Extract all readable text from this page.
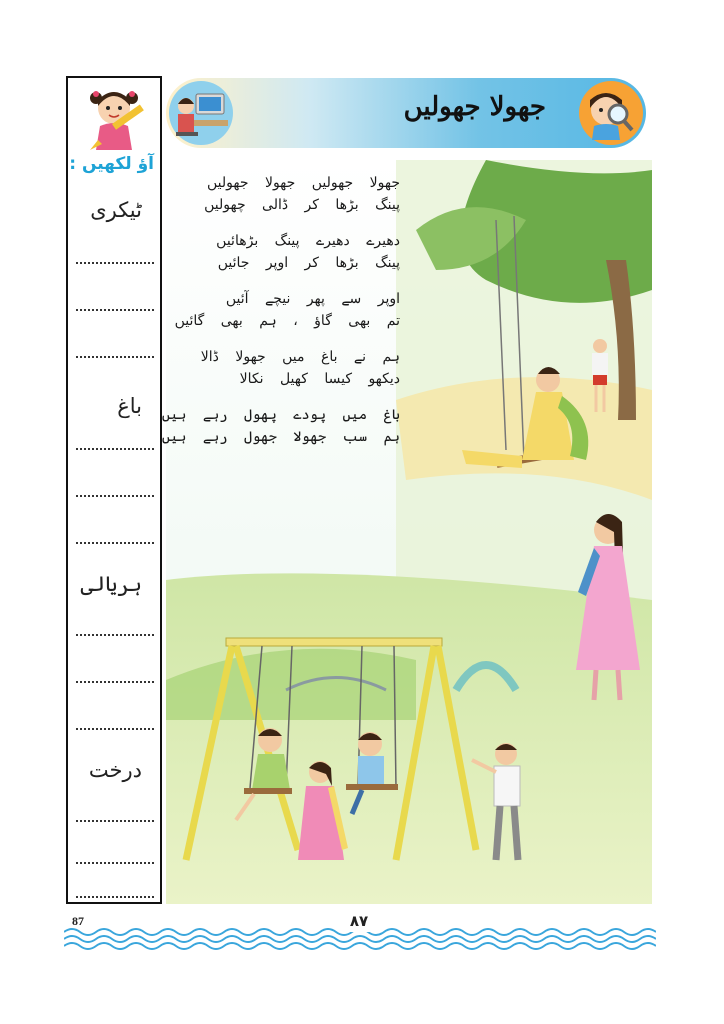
آؤ لکھیں :
ٹیکری
باغ
ہریالی
درخت
جھولا جھولیں
جھولا جھولیں جھولا جھولیں
پینگ بڑھا کر ڈالی چھولیں
دھیرے دھیرے پینگ بڑھائیں
پینگ بڑھا کر اوپر جائیں
اوپر سے پھر نیچے آئیں
تم بھی گاؤ ، ہم بھی گائیں
ہم نے باغ میں جھولا ڈالا
دیکھو کیسا کھیل نکالا
باغ میں پودے پھول رہے ہیں
ہم سب جھولا جھول رہے ہیں
87	۸۷
